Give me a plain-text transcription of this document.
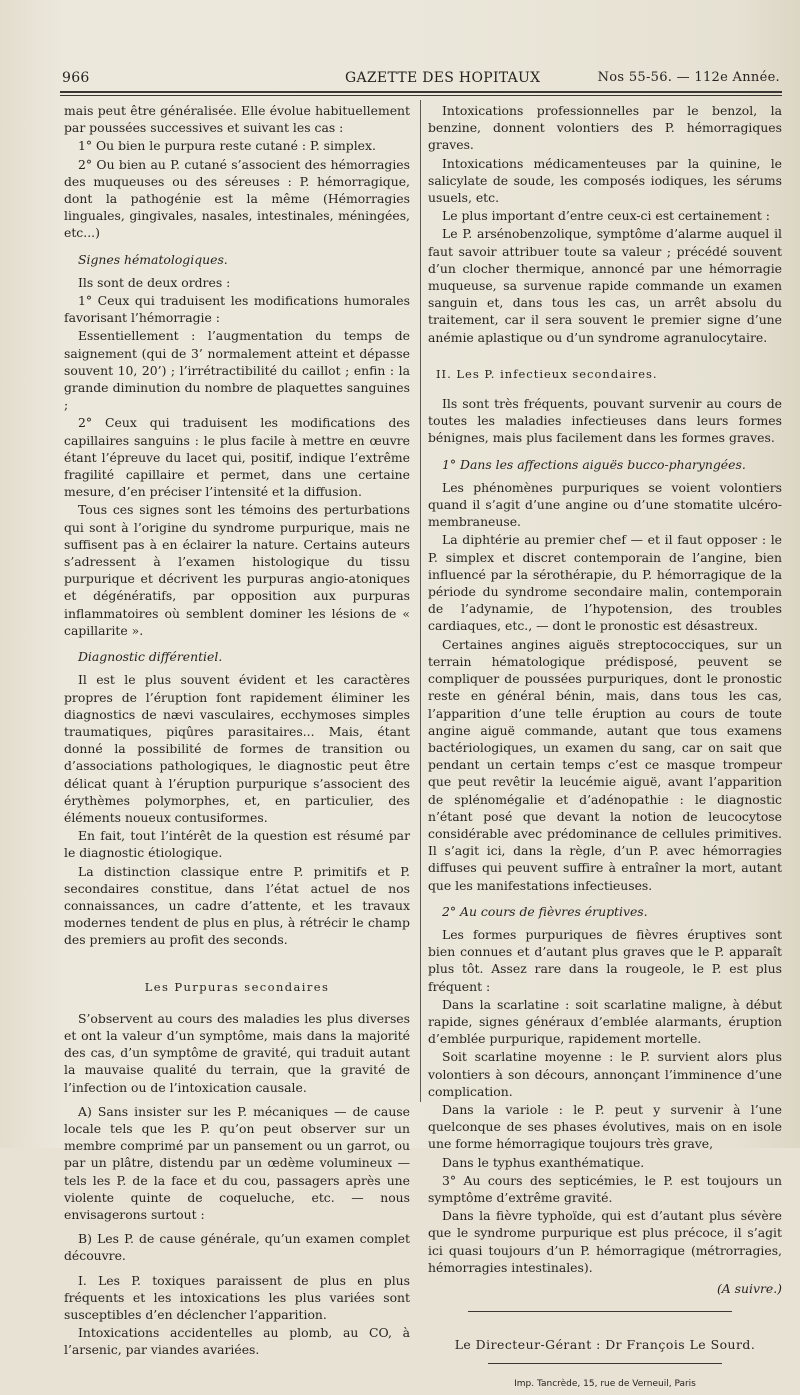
966	GAZETTE DES HOPITAUX	Nos 55-56. — 112e Année.

mais peut être généralisée. Elle évolue habituellement par poussées successives et suivant les cas :

1° Ou bien le purpura reste cutané : P. simplex.

2° Ou bien au P. cutané s’associent des hémorragies des muqueuses ou des séreuses : P. hémorragique, dont la pathogénie est la même (Hémorragies linguales, gingivales, nasales, intestinales, méningées, etc...)

Signes hématologiques.

Ils sont de deux ordres :

1° Ceux qui traduisent les modifications humorales favorisant l’hémorragie :

Essentiellement : l’augmentation du temps de saignement (qui de 3’ normalement atteint et dépasse souvent 10, 20’) ; l’irrétractibilité du caillot ; enfin : la grande diminution du nombre de plaquettes sanguines ;

2° Ceux qui traduisent les modifications des capillaires sanguins : le plus facile à mettre en œuvre étant l’épreuve du lacet qui, positif, indique l’extrême fragilité capillaire et permet, dans une certaine mesure, d’en préciser l’intensité et la diffusion.

Tous ces signes sont les témoins des perturbations qui sont à l’origine du syndrome purpurique, mais ne suffisent pas à en éclairer la nature. Certains auteurs s’adressent à l’examen histologique du tissu purpurique et décrivent les purpuras angio-atoniques et dégénératifs, par opposition aux purpuras inflammatoires où semblent dominer les lésions de « capillarite ».

Diagnostic différentiel.

Il est le plus souvent évident et les caractères propres de l’éruption font rapidement éliminer les diagnostics de nævi vasculaires, ecchymoses simples traumatiques, piqûres parasitaires... Mais, étant donné la possibilité de formes de transition ou d’associations pathologiques, le diagnostic peut être délicat quant à l’éruption purpurique s’associent des érythèmes polymorphes, et, en particulier, des éléments noueux contusiformes.

En fait, tout l’intérêt de la question est résumé par le diagnostic étiologique.

La distinction classique entre P. primitifs et P. secondaires constitue, dans l’état actuel de nos connaissances, un cadre d’attente, et les travaux modernes tendent de plus en plus, à rétrécir le champ des premiers au profit des seconds.

Les Purpuras secondaires

S’observent au cours des maladies les plus diverses et ont la valeur d’un symptôme, mais dans la majorité des cas, d’un symptôme de gravité, qui traduit autant la mauvaise qualité du terrain, que la gravité de l’infection ou de l’intoxication causale.

A) Sans insister sur les P. mécaniques — de cause locale tels que les P. qu’on peut observer sur un membre comprimé par un pansement ou un garrot, ou par un plâtre, distendu par un œdème volumineux — tels les P. de la face et du cou, passagers après une violente quinte de coqueluche, etc. — nous envisagerons surtout :

B) Les P. de cause générale, qu’un examen complet découvre.

I. Les P. toxiques paraissent de plus en plus fréquents et les intoxications les plus variées sont susceptibles d’en déclencher l’apparition.

Intoxications accidentelles au plomb, au CO, à l’arsenic, par viandes avariées.

Intoxications professionnelles par le benzol, la benzine, donnent volontiers des P. hémorragiques graves.

Intoxications médicamenteuses par la quinine, le salicylate de soude, les composés iodiques, les sérums usuels, etc.

Le plus important d’entre ceux-ci est certainement :

Le P. arsénobenzolique, symptôme d’alarme auquel il faut savoir attribuer toute sa valeur ; précédé souvent d’un clocher thermique, annoncé par une hémorragie muqueuse, sa survenue rapide commande un examen sanguin et, dans tous les cas, un arrêt absolu du traitement, car il sera souvent le premier signe d’une anémie aplastique ou d’un syndrome agranulocytaire.

II. Les P. infectieux secondaires.

Ils sont très fréquents, pouvant survenir au cours de toutes les maladies infectieuses dans leurs formes bénignes, mais plus facilement dans les formes graves.

1° Dans les affections aiguës bucco-pharyngées.

Les phénomènes purpuriques se voient volontiers quand il s’agit d’une angine ou d’une stomatite ulcéro-membraneuse.

La diphtérie au premier chef — et il faut opposer : le P. simplex et discret contemporain de l’angine, bien influencé par la sérothérapie, du P. hémorragique de la période du syndrome secondaire malin, contemporain de l’adynamie, de l’hypotension, des troubles cardiaques, etc., — dont le pronostic est désastreux.

Certaines angines aiguës streptococciques, sur un terrain hématologique prédisposé, peuvent se compliquer de poussées purpuriques, dont le pronostic reste en général bénin, mais, dans tous les cas, l’apparition d’une telle éruption au cours de toute angine aiguë commande, autant que tous examens bactériologiques, un examen du sang, car on sait que pendant un certain temps c’est ce masque trompeur que peut revêtir la leucémie aiguë, avant l’apparition de splénomégalie et d’adénopathie : le diagnostic n’étant posé que devant la notion de leucocytose considérable avec prédominance de cellules primitives. Il s’agit ici, dans la règle, d’un P. avec hémorragies diffuses qui peuvent suffire à entraîner la mort, autant que les manifestations infectieuses.

2° Au cours de fièvres éruptives.

Les formes purpuriques de fièvres éruptives sont bien connues et d’autant plus graves que le P. apparaît plus tôt. Assez rare dans la rougeole, le P. est plus fréquent :

Dans la scarlatine : soit scarlatine maligne, à début rapide, signes généraux d’emblée alarmants, éruption d’emblée purpurique, rapidement mortelle.

Soit scarlatine moyenne : le P. survient alors plus volontiers à son décours, annonçant l’imminence d’une complication.

Dans la variole : le P. peut y survenir à l’une quelconque de ses phases évolutives, mais on en isole une forme hémorragique toujours très grave,

Dans le typhus exanthématique.

3° Au cours des septicémies, le P. est toujours un symptôme d’extrême gravité.

Dans la fièvre typhoïde, qui est d’autant plus sévère que le syndrome purpurique est plus précoce, il s’agit ici quasi toujours d’un P. hémorragique (métrorragies, hémorragies intestinales).

(A suivre.)

Le Directeur-Gérant : Dr François Le Sourd.

Imp. Tancrède, 15, rue de Verneuil, Paris
